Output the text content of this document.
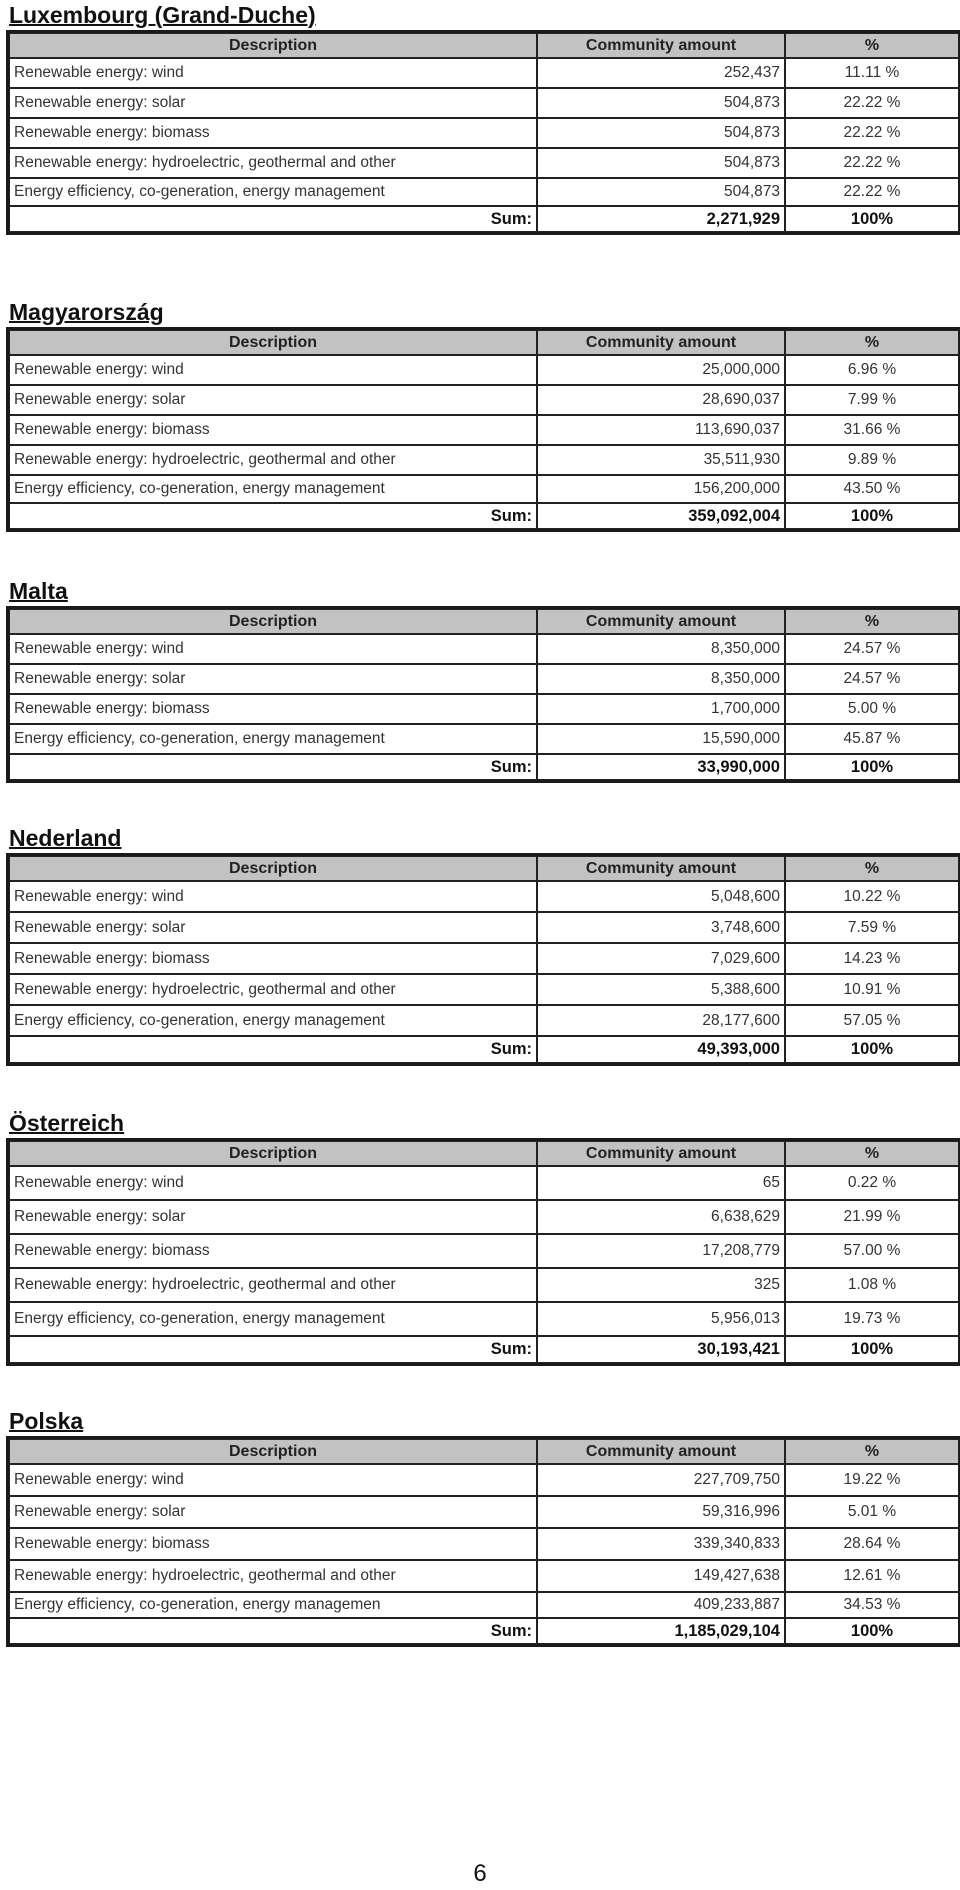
Luxembourg (Grand-Duche)
Description	Community amount	%
Renewable energy: wind	252,437	11.11 %
Renewable energy: solar	504,873	22.22 %
Renewable energy: biomass	504,873	22.22 %
Renewable energy: hydroelectric, geothermal and other	504,873	22.22 %
Energy efficiency, co-generation, energy management	504,873	22.22 %
Sum:	2,271,929	100%
Magyarország
Description	Community amount	%
Renewable energy: wind	25,000,000	6.96 %
Renewable energy: solar	28,690,037	7.99 %
Renewable energy: biomass	113,690,037	31.66 %
Renewable energy: hydroelectric, geothermal and other	35,511,930	9.89 %
Energy efficiency, co-generation, energy management	156,200,000	43.50 %
Sum:	359,092,004	100%
Malta
Description	Community amount	%
Renewable energy: wind	8,350,000	24.57 %
Renewable energy: solar	8,350,000	24.57 %
Renewable energy: biomass	1,700,000	5.00 %
Energy efficiency, co-generation, energy management	15,590,000	45.87 %
Sum:	33,990,000	100%
Nederland
Description	Community amount	%
Renewable energy: wind	5,048,600	10.22 %
Renewable energy: solar	3,748,600	7.59 %
Renewable energy: biomass	7,029,600	14.23 %
Renewable energy: hydroelectric, geothermal and other	5,388,600	10.91 %
Energy efficiency, co-generation, energy management	28,177,600	57.05 %
Sum:	49,393,000	100%
Österreich
Description	Community amount	%
Renewable energy: wind	65	0.22 %
Renewable energy: solar	6,638,629	21.99 %
Renewable energy: biomass	17,208,779	57.00 %
Renewable energy: hydroelectric, geothermal and other	325	1.08 %
Energy efficiency, co-generation, energy management	5,956,013	19.73 %
Sum:	30,193,421	100%
Polska
Description	Community amount	%
Renewable energy: wind	227,709,750	19.22 %
Renewable energy: solar	59,316,996	5.01 %
Renewable energy: biomass	339,340,833	28.64 %
Renewable energy: hydroelectric, geothermal and other	149,427,638	12.61 %
Energy efficiency, co-generation, energy managemen	409,233,887	34.53 %
Sum:	1,185,029,104	100%
6
